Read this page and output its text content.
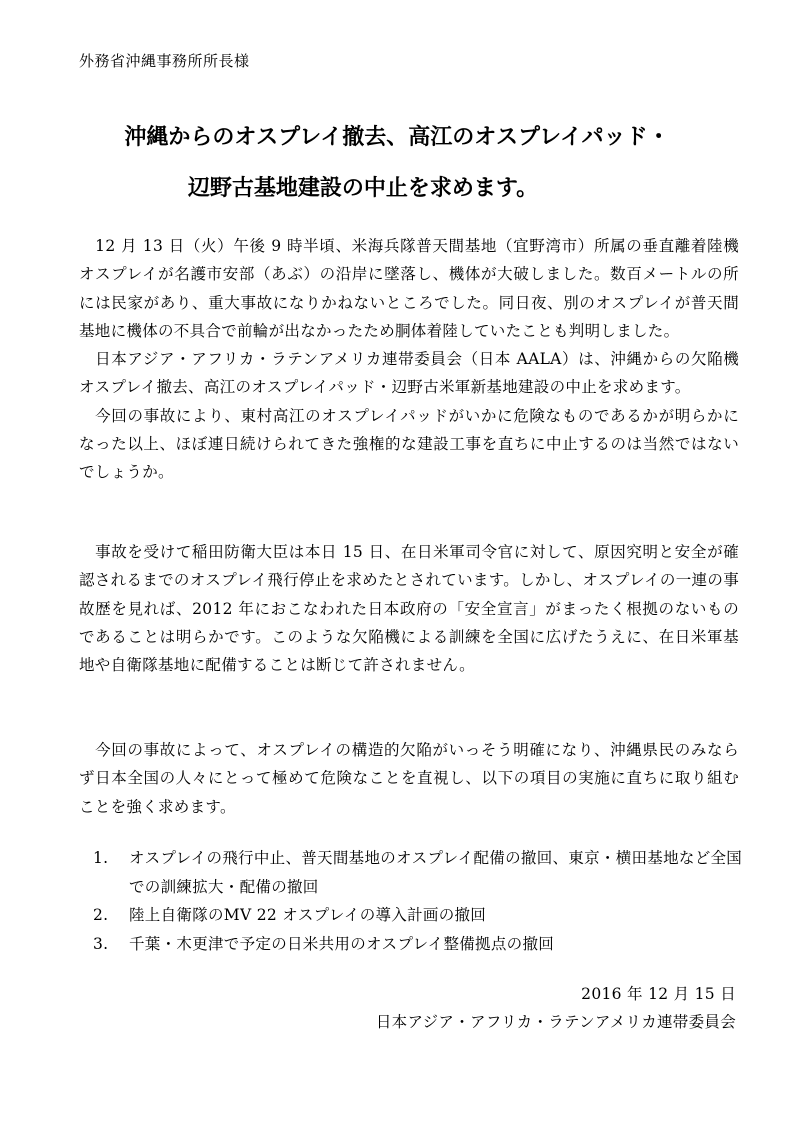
外務省沖縄事務所所長様
沖縄からのオスプレイ撤去、高江のオスプレイパッド・
辺野古基地建設の中止を求めます。

　12 月 13 日（火）午後 9 時半頃、米海兵隊普天間基地（宜野湾市）所属の垂直離着陸機オスプレイが名護市安部（あぶ）の沿岸に墜落し、機体が大破しました。数百メートルの所には民家があり、重大事故になりかねないところでした。同日夜、別のオスプレイが普天間基地に機体の不具合で前輪が出なかったため胴体着陸していたことも判明しました。

　日本アジア・アフリカ・ラテンアメリカ連帯委員会（日本 AALA）は、沖縄からの欠陥機オスプレイ撤去、高江のオスプレイパッド・辺野古米軍新基地建設の中止を求めます。

　今回の事故により、東村高江のオスプレイパッドがいかに危険なものであるかが明らかになった以上、ほぼ連日続けられてきた強権的な建設工事を直ちに中止するのは当然ではないでしょうか。

　事故を受けて稲田防衛大臣は本日 15 日、在日米軍司令官に対して、原因究明と安全が確認されるまでのオスプレイ飛行停止を求めたとされています。しかし、オスプレイの一連の事故歴を見れば、2012 年におこなわれた日本政府の「安全宣言」がまったく根拠のないものであることは明らかです。このような欠陥機による訓練を全国に広げたうえに、在日米軍基地や自衛隊基地に配備することは断じて許されません。

　今回の事故によって、オスプレイの構造的欠陥がいっそう明確になり、沖縄県民のみならず日本全国の人々にとって極めて危険なことを直視し、以下の項目の実施に直ちに取り組むことを強く求めます。

1. オスプレイの飛行中止、普天間基地のオスプレイ配備の撤回、東京・横田基地など全国での訓練拡大・配備の撤回
2. 陸上自衛隊のMV 22 オスプレイの導入計画の撤回
3. 千葉・木更津で予定の日米共用のオスプレイ整備拠点の撤回
2016 年 12 月 15 日
日本アジア・アフリカ・ラテンアメリカ連帯委員会
